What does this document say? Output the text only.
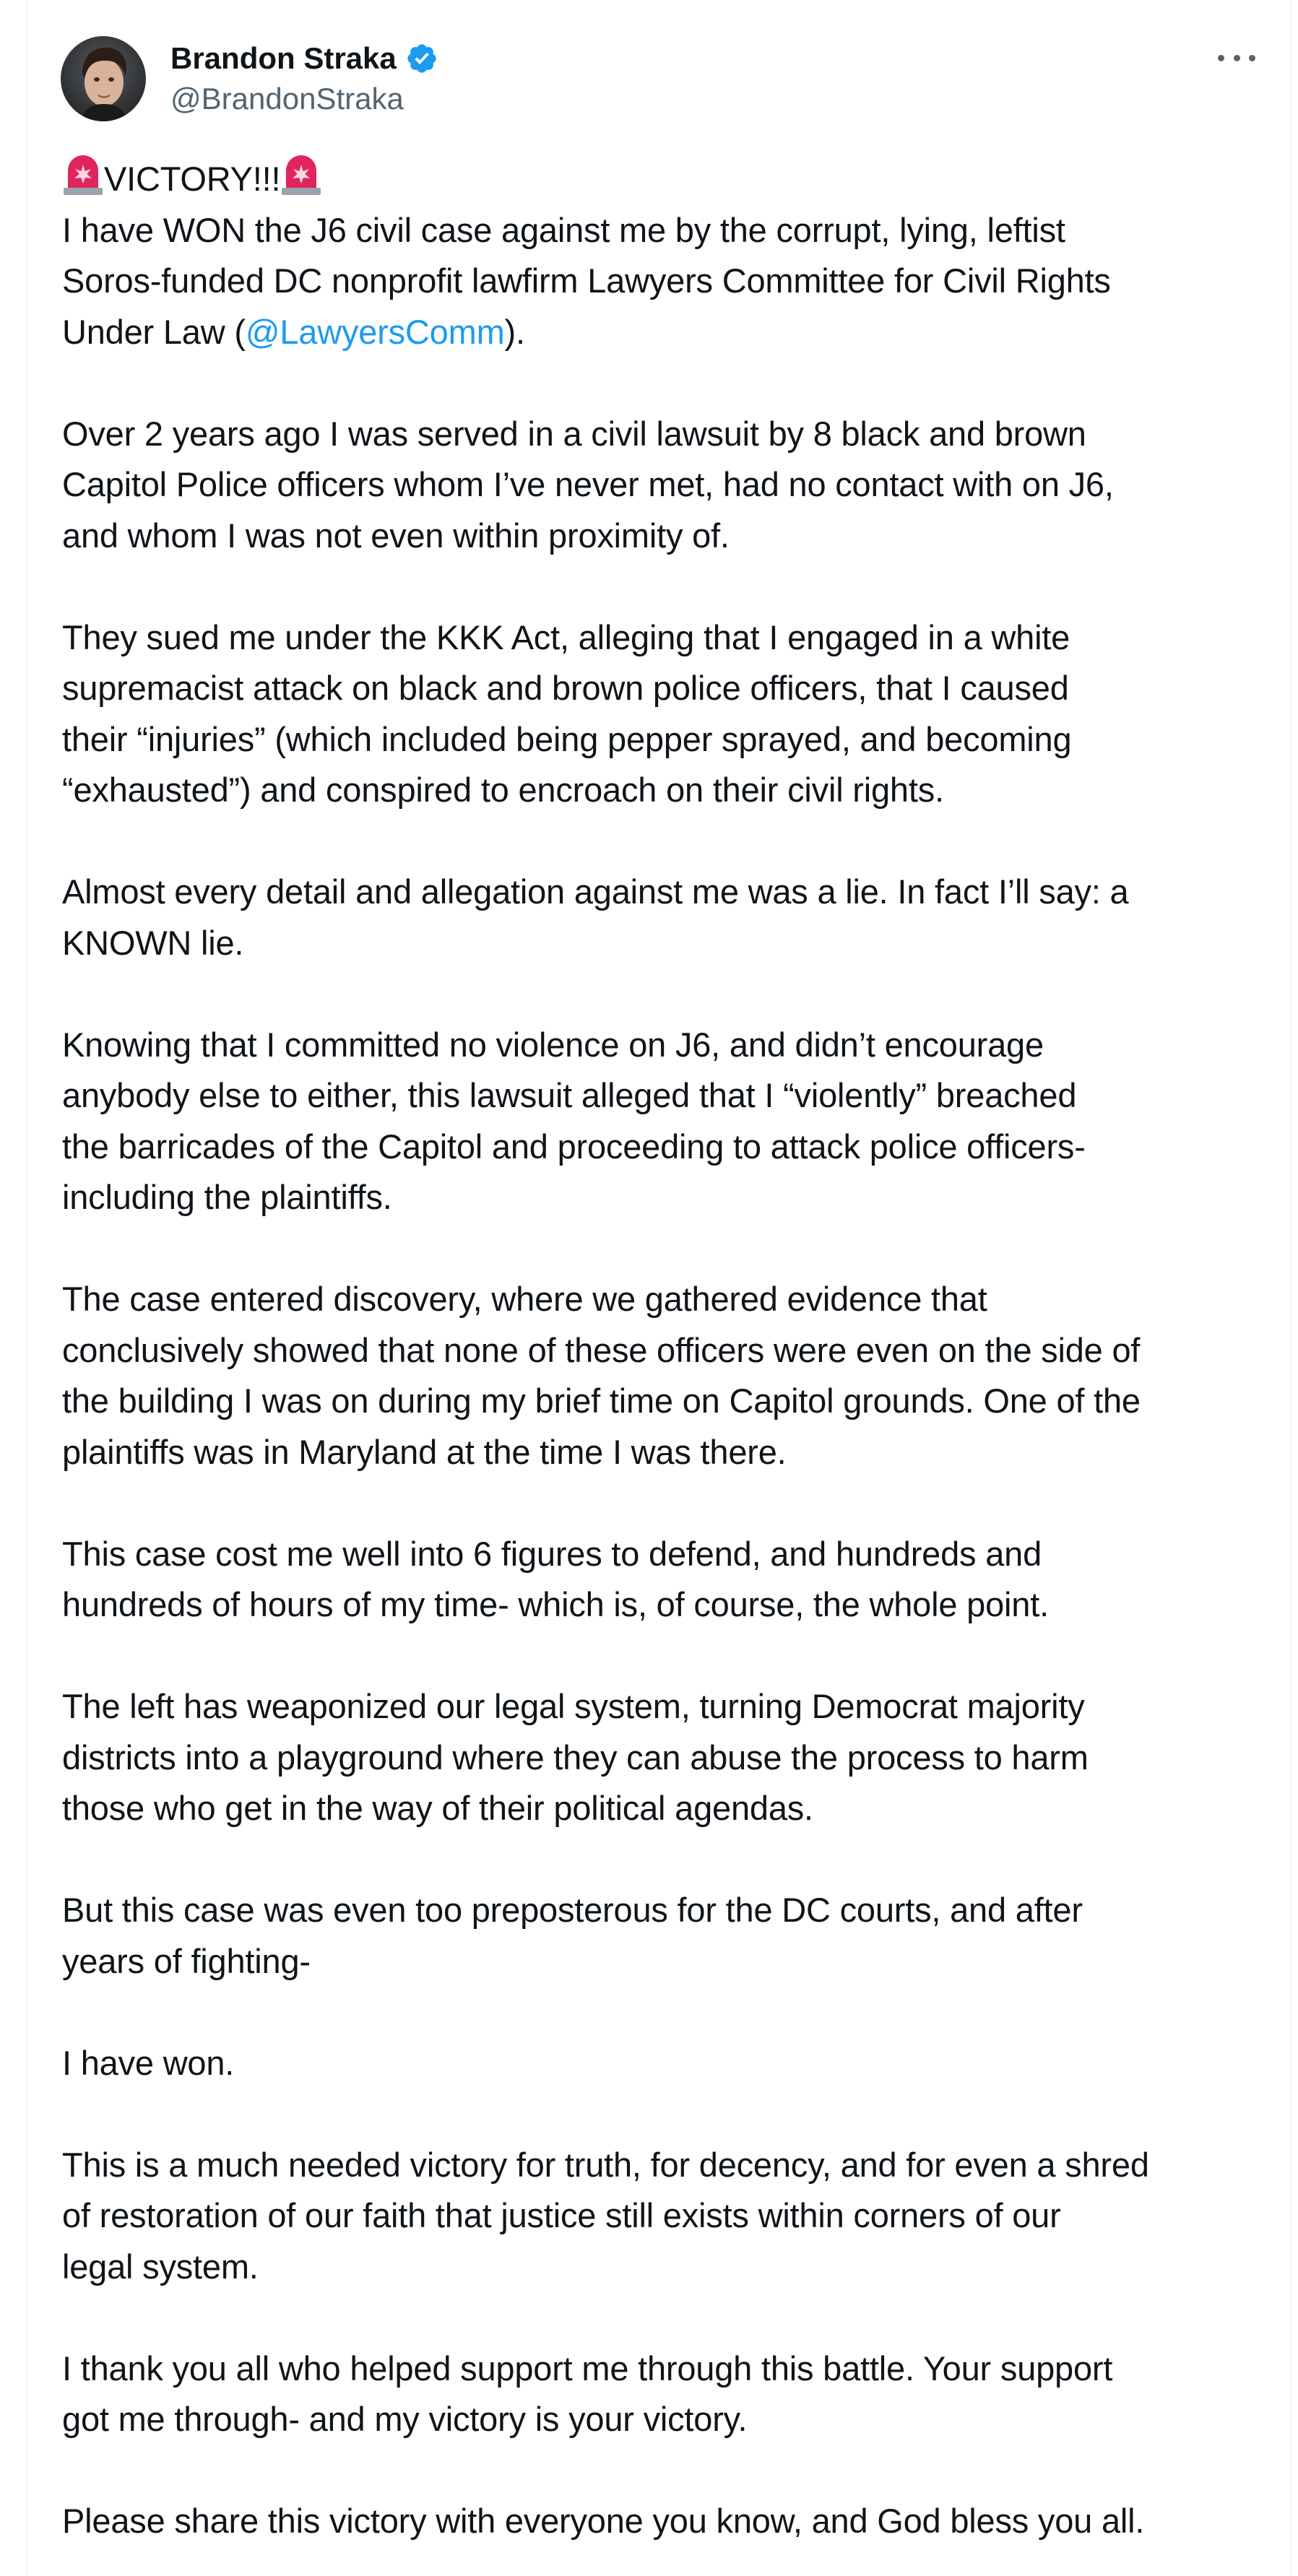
Brandon Straka
@BrandonStraka
VICTORY!!!
I have WON the J6 civil case against me by the corrupt, lying, leftist
Soros-funded DC nonprofit lawfirm Lawyers Committee for Civil Rights
Under Law (@LawyersComm).
Over 2 years ago I was served in a civil lawsuit by 8 black and brown
Capitol Police officers whom I’ve never met, had no contact with on J6,
and whom I was not even within proximity of.
They sued me under the KKK Act, alleging that I engaged in a white
supremacist attack on black and brown police officers, that I caused
their “injuries” (which included being pepper sprayed, and becoming
“exhausted”) and conspired to encroach on their civil rights.
Almost every detail and allegation against me was a lie. In fact I’ll say: a
KNOWN lie.
Knowing that I committed no violence on J6, and didn’t encourage
anybody else to either, this lawsuit alleged that I “violently” breached
the barricades of the Capitol and proceeding to attack police officers-
including the plaintiffs.
The case entered discovery, where we gathered evidence that
conclusively showed that none of these officers were even on the side of
the building I was on during my brief time on Capitol grounds. One of the
plaintiffs was in Maryland at the time I was there.
This case cost me well into 6 figures to defend, and hundreds and
hundreds of hours of my time- which is, of course, the whole point.
The left has weaponized our legal system, turning Democrat majority
districts into a playground where they can abuse the process to harm
those who get in the way of their political agendas.
But this case was even too preposterous for the DC courts, and after
years of fighting-
I have won.
This is a much needed victory for truth, for decency, and for even a shred
of restoration of our faith that justice still exists within corners of our
legal system.
I thank you all who helped support me through this battle. Your support
got me through- and my victory is your victory.
Please share this victory with everyone you know, and God bless you all.
